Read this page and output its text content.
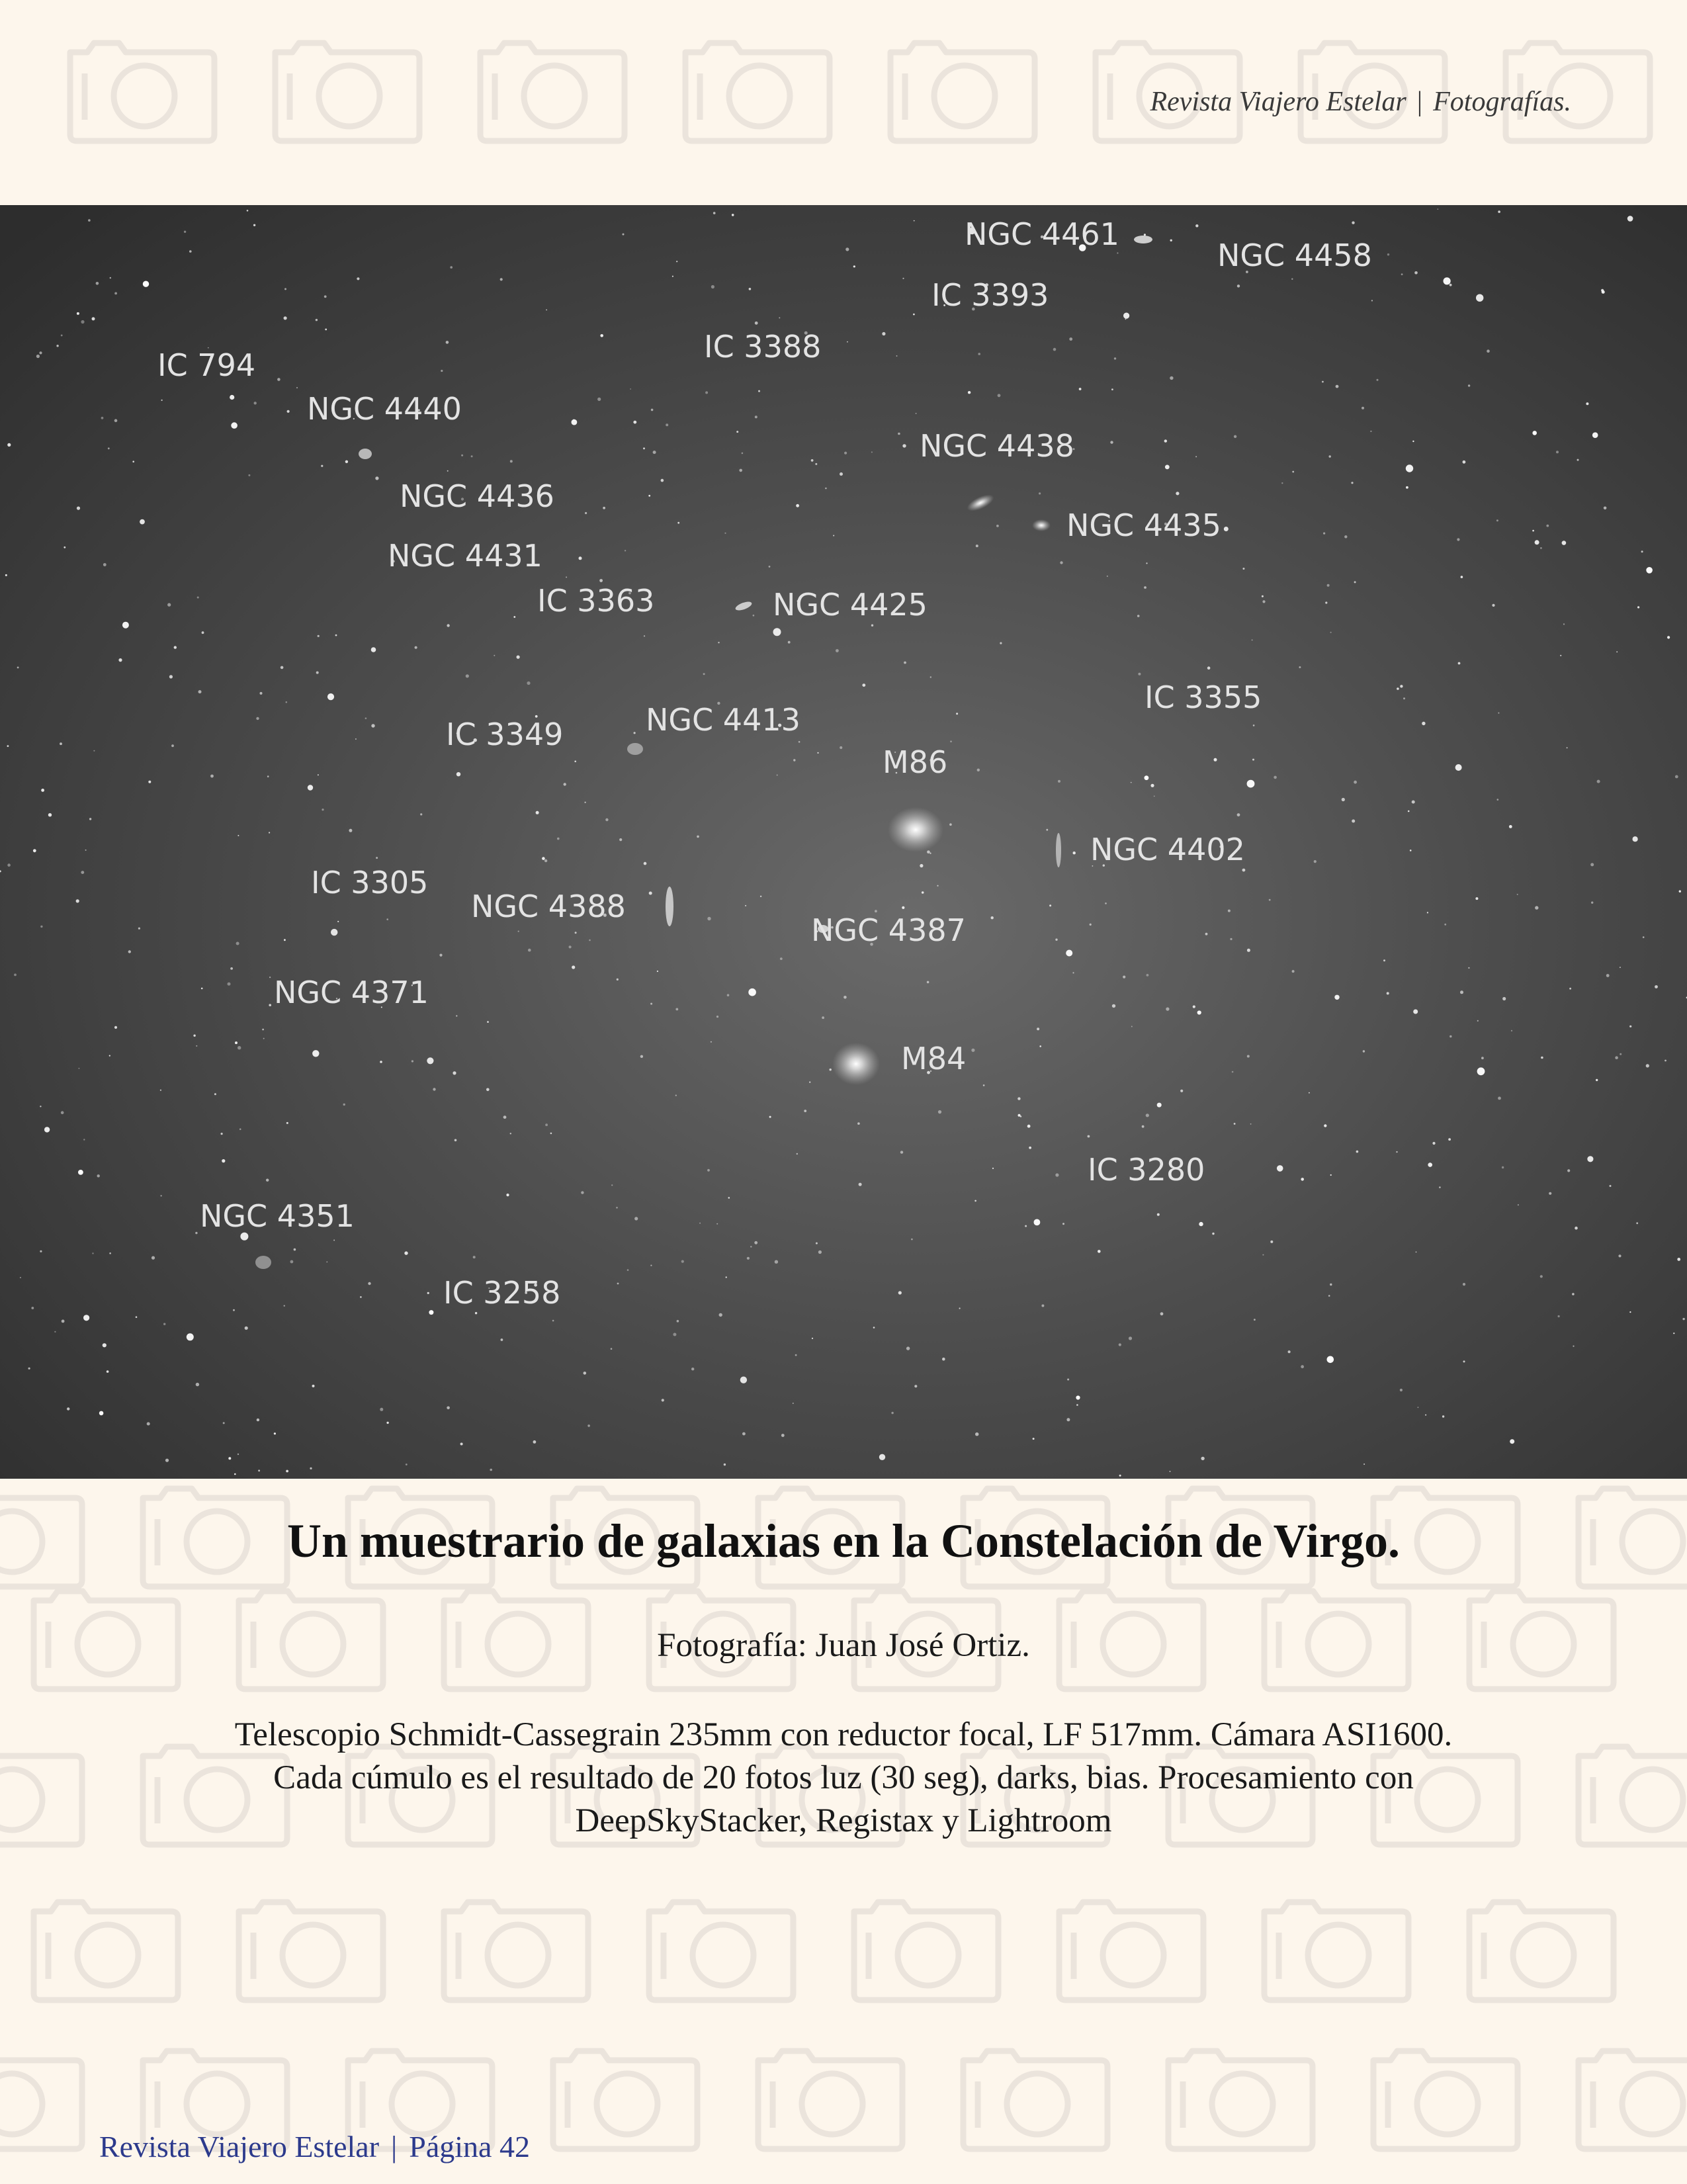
Revista Viajero Estelar | Fotografías.
NGC 4461
NGC 4458
IC 3393
IC 3388
IC 794
NGC 4440
NGC 4438
NGC 4436
NGC 4435
NGC 4431
IC 3363	NGC 4425
IC 3355
IC 3349	NGC 4413
M86
NGC 4402
IC 3305
NGC 4388
NGC 4387
NGC 4371
M84
IC 3280
NGC 4351
IC 3258
Un muestrario de galaxias en la Constelación de Virgo.
Fotografía: Juan José Ortiz.

Telescopio Schmidt-Cassegrain 235mm con reductor focal, LF 517mm. Cámara ASI1600.

Cada cúmulo es el resultado de 20 fotos luz (30 seg), darks, bias. Procesamiento con DeepSkyStacker, Registax y Lightroom

Revista Viajero Estelar | Página 42
